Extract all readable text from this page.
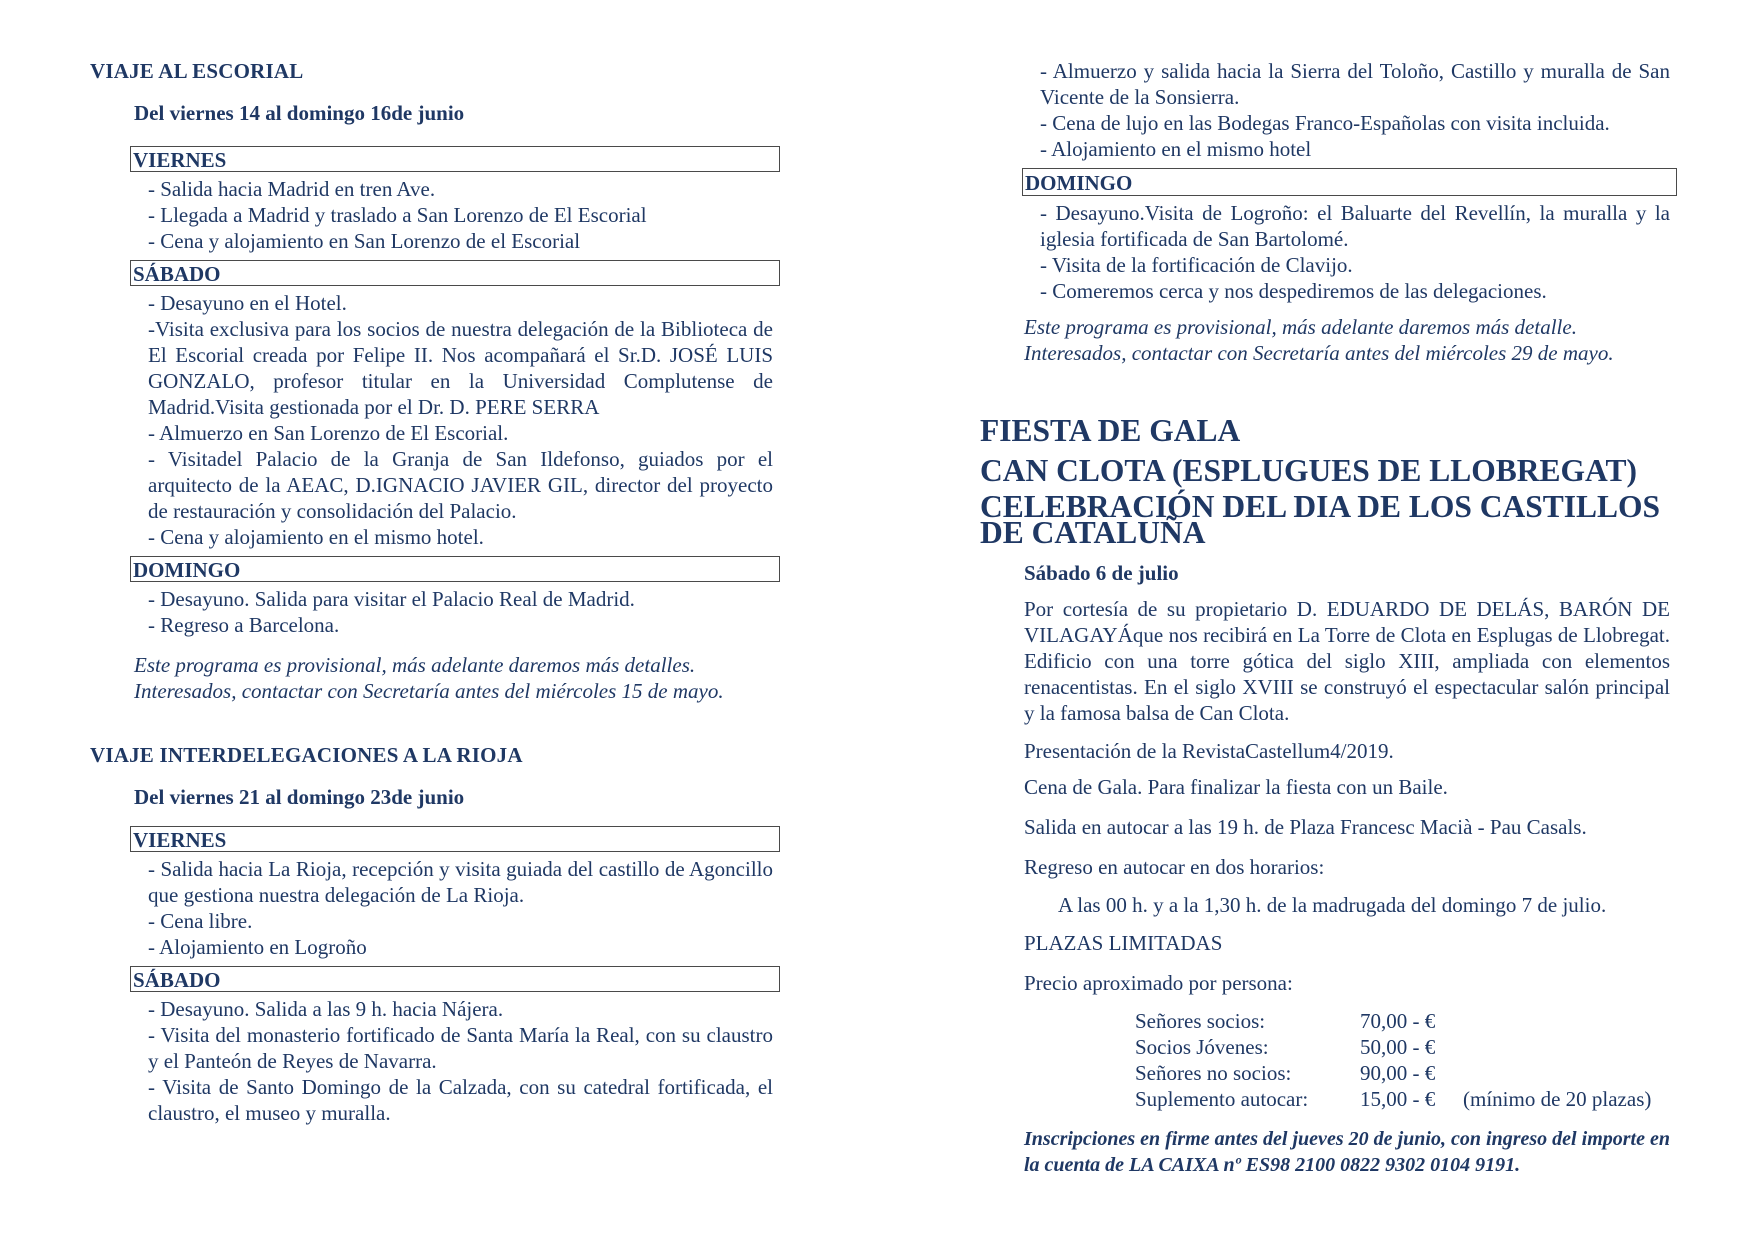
VIAJE AL ESCORIAL
Del viernes 14 al domingo 16de junio
VIERNES

- Salida hacia Madrid en tren Ave.

- Llegada a Madrid y traslado a San Lorenzo de El Escorial

- Cena y alojamiento en San Lorenzo de el Escorial

SÁBADO

- Desayuno en el Hotel.

-Visita exclusiva para los socios de nuestra delegación de la Biblioteca de El Escorial creada por Felipe II. Nos acompañará el Sr.D. JOSÉ LUIS GONZALO, profesor titular en la Universidad Complutense de Madrid.Visita gestionada por el Dr. D. PERE SERRA

- Almuerzo en San Lorenzo de El Escorial.

- Visitadel Palacio de la Granja de San Ildefonso, guiados por el arquitecto de la AEAC, D.IGNACIO JAVIER GIL, director del proyecto de restauración y consolidación del Palacio.

- Cena y alojamiento en el mismo hotel.

DOMINGO

- Desayuno. Salida para visitar el Palacio Real de Madrid.

- Regreso a Barcelona.

Este programa es provisional, más adelante daremos más detalles.

Interesados, contactar con Secretaría antes del miércoles 15 de mayo.

VIAJE INTERDELEGACIONES A LA RIOJA
Del viernes 21 al domingo 23de junio
VIERNES

- Salida hacia La Rioja, recepción y visita guiada del castillo de Agoncillo que gestiona nuestra delegación de La Rioja.

- Cena libre.

- Alojamiento en Logroño

SÁBADO

- Desayuno. Salida a las 9 h. hacia Nájera.

- Visita del monasterio fortificado de Santa María la Real, con su claustro y el Panteón de Reyes de Navarra.

- Visita de Santo Domingo de la Calzada, con su catedral fortificada, el claustro, el museo y muralla.

- Almuerzo y salida hacia la Sierra del Toloño, Castillo y muralla de San Vicente de la Sonsierra.

- Cena de lujo en las Bodegas Franco-Españolas con visita incluida.

- Alojamiento en el mismo hotel

DOMINGO

- Desayuno.Visita de Logroño: el Baluarte del Revellín, la muralla y la iglesia fortificada de San Bartolomé.

- Visita de la fortificación de Clavijo.

- Comeremos cerca y nos despediremos de las delegaciones.

Este programa es provisional, más adelante daremos más detalle.

Interesados, contactar con Secretaría antes del miércoles 29 de mayo.

FIESTA DE GALA
CAN CLOTA (ESPLUGUES DE LLOBREGAT)
CELEBRACIÓN DEL DIA DE LOS CASTILLOS DE CATALUÑA
Sábado 6 de julio
Por cortesía de su propietario D. EDUARDO DE DELÁS, BARÓN DE VILAGAYÁque nos recibirá en La Torre de Clota en Esplugas de Llobregat. Edificio con una torre gótica del siglo XIII, ampliada con elementos renacentistas. En el siglo XVIII se construyó el espectacular salón principal y la famosa balsa de Can Clota.
Presentación de la RevistaCastellum4/2019.
Cena de Gala. Para finalizar la fiesta con un Baile.
Salida en autocar a las 19 h. de Plaza Francesc Macià - Pau Casals.
Regreso en autocar en dos horarios:
A las 00 h. y a la 1,30 h. de la madrugada del domingo 7 de julio.
PLAZAS LIMITADAS
Precio aproximado por persona:
Señores socios:	70,00 - €	
Socios Jóvenes:	50,00 - €	
Señores no socios:	90,00 - €	
Suplemento autocar:	15,00 - €	(mínimo de 20 plazas)
Inscripciones en firme antes del jueves 20 de junio, con ingreso del importe en la cuenta de LA CAIXA nº ES98 2100 0822 9302 0104 9191.
